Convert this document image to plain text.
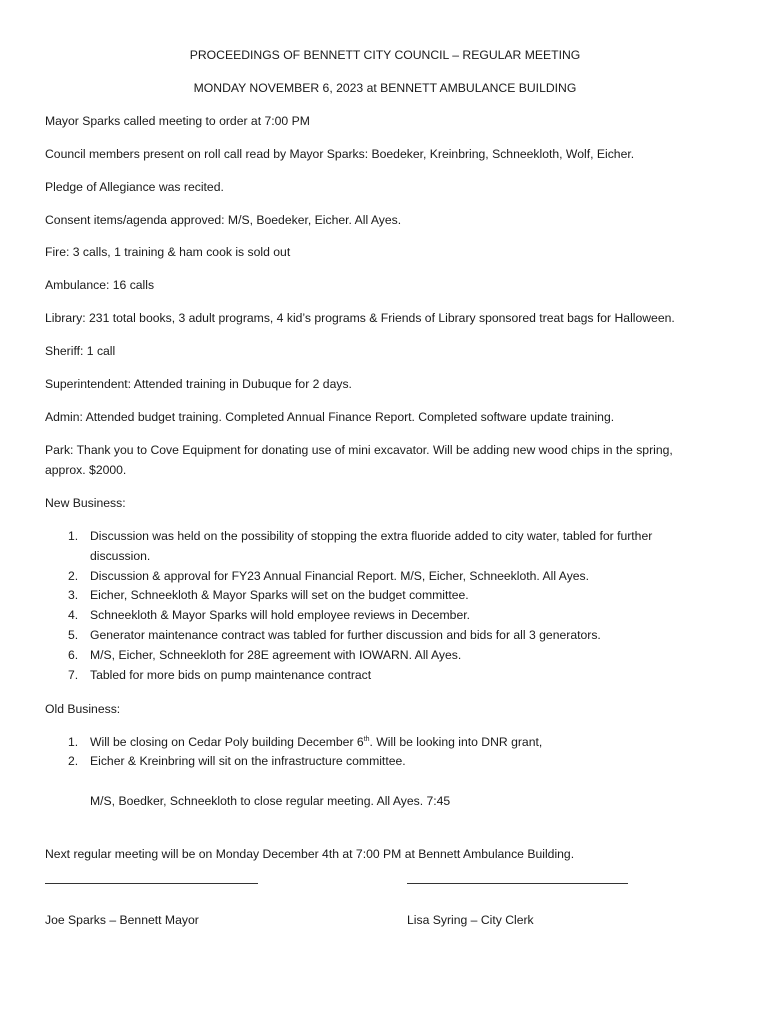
PROCEEDINGS OF BENNETT CITY COUNCIL – REGULAR MEETING
MONDAY NOVEMBER 6, 2023 at BENNETT AMBULANCE BUILDING
Mayor Sparks called meeting to order at 7:00 PM
Council members present on roll call read by Mayor Sparks: Boedeker, Kreinbring, Schneekloth, Wolf, Eicher.
Pledge of Allegiance was recited.
Consent items/agenda approved: M/S, Boedeker, Eicher. All Ayes.
Fire: 3 calls, 1 training & ham cook is sold out
Ambulance: 16 calls
Library: 231 total books, 3 adult programs, 4 kid’s programs & Friends of Library sponsored treat bags for Halloween.
Sheriff: 1 call
Superintendent: Attended training in Dubuque for 2 days.
Admin: Attended budget training. Completed Annual Finance Report. Completed software update training.
Park: Thank you to Cove Equipment for donating use of mini excavator. Will be adding new wood chips in the spring, approx. $2000.
New Business:
1. Discussion was held on the possibility of stopping the extra fluoride added to city water, tabled for further discussion.
2. Discussion & approval for FY23 Annual Financial Report. M/S, Eicher, Schneekloth. All Ayes.
3. Eicher, Schneekloth & Mayor Sparks will set on the budget committee.
4. Schneekloth & Mayor Sparks will hold employee reviews in December.
5. Generator maintenance contract was tabled for further discussion and bids for all 3 generators.
6. M/S, Eicher, Schneekloth for 28E agreement with IOWARN. All Ayes.
7. Tabled for more bids on pump maintenance contract
Old Business:
1. Will be closing on Cedar Poly building December 6th. Will be looking into DNR grant,
2. Eicher & Kreinbring will sit on the infrastructure committee.
M/S, Boedker, Schneekloth to close regular meeting. All Ayes. 7:45
Next regular meeting will be on Monday December 4th at 7:00 PM at Bennett Ambulance Building.
Joe Sparks – Bennett Mayor	Lisa Syring – City Clerk
